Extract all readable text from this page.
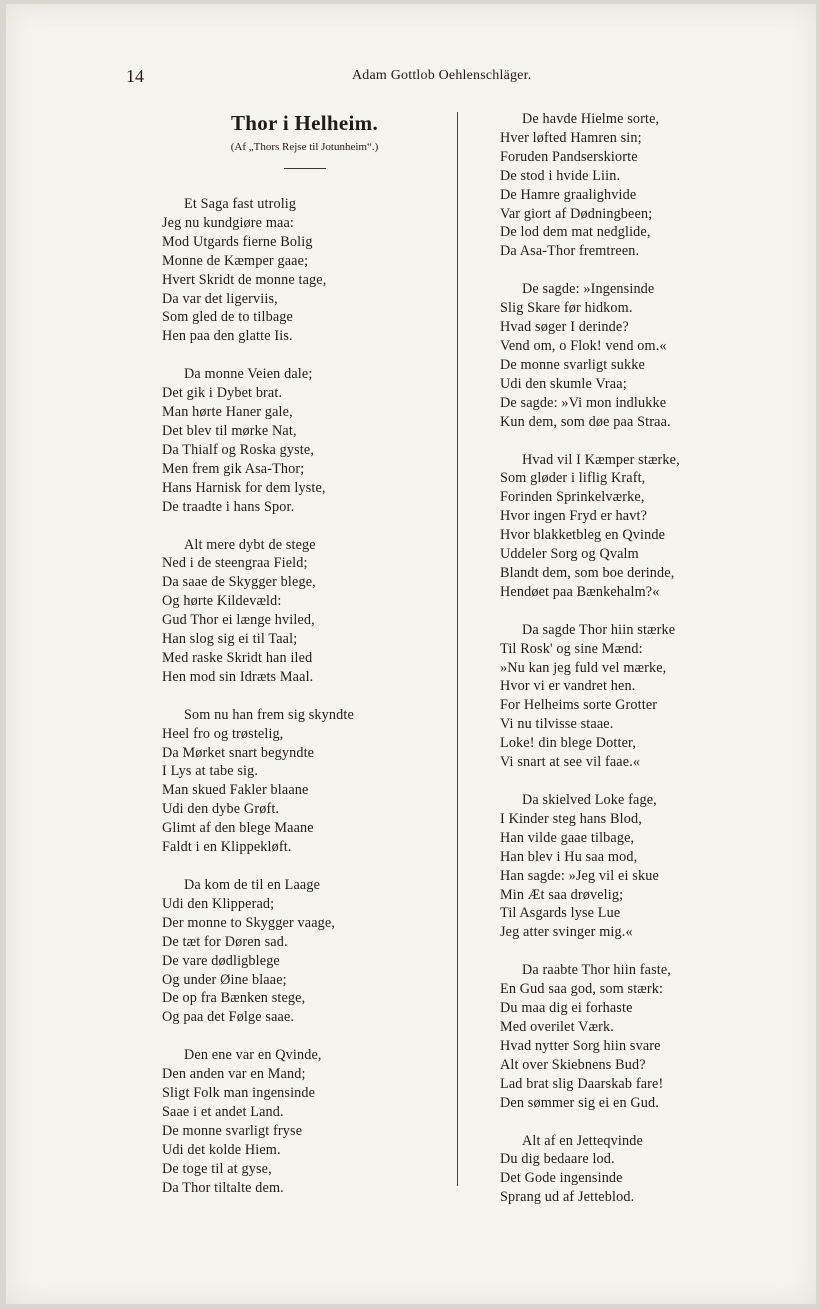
14	Adam Gottlob Oehlenschläger.
Thor i Helheim.

(Af „Thors Rejse til Jotunheim“.)

Et Saga fast utrolig
Jeg nu kundgiøre maa:
Mod Utgards fierne Bolig
Monne de Kæmper gaae;
Hvert Skridt de monne tage,
Da var det ligerviis,
Som gled de to tilbage
Hen paa den glatte Iis.
Da monne Veien dale;
Det gik i Dybet brat.
Man hørte Haner gale,
Det blev til mørke Nat,
Da Thialf og Roska gyste,
Men frem gik Asa-Thor;
Hans Harnisk for dem lyste,
De traadte i hans Spor.
Alt mere dybt de stege
Ned i de steengraa Field;
Da saae de Skygger blege,
Og hørte Kildevæld:
Gud Thor ei længe hviled,
Han slog sig ei til Taal;
Med raske Skridt han iled
Hen mod sin Idræts Maal.
Som nu han frem sig skyndte
Heel fro og trøstelig,
Da Mørket snart begyndte
I Lys at tabe sig.
Man skued Fakler blaane
Udi den dybe Grøft.
Glimt af den blege Maane
Faldt i en Klippekløft.
Da kom de til en Laage
Udi den Klipperad;
Der monne to Skygger vaage,
De tæt for Døren sad.
De vare dødligblege
Og under Øine blaae;
De op fra Bænken stege,
Og paa det Følge saae.
Den ene var en Qvinde,
Den anden var en Mand;
Sligt Folk man ingensinde
Saae i et andet Land.
De monne svarligt fryse
Udi det kolde Hiem.
De toge til at gyse,
Da Thor tiltalte dem.
De havde Hielme sorte,
Hver løfted Hamren sin;
Foruden Pandserskiorte
De stod i hvide Liin.
De Hamre graalighvide
Var giort af Dødningbeen;
De lod dem mat nedglide,
Da Asa-Thor fremtreen.
De sagde: »Ingensinde
Slig Skare før hidkom.
Hvad søger I derinde?
Vend om, o Flok! vend om.«
De monne svarligt sukke
Udi den skumle Vraa;
De sagde: »Vi mon indlukke
Kun dem, som døe paa Straa.
Hvad vil I Kæmper stærke,
Som gløder i liflig Kraft,
Forinden Sprinkelværke,
Hvor ingen Fryd er havt?
Hvor blakketbleg en Qvinde
Uddeler Sorg og Qvalm
Blandt dem, som boe derinde,
Hendøet paa Bænkehalm?«
Da sagde Thor hiin stærke
Til Rosk' og sine Mænd:
»Nu kan jeg fuld vel mærke,
Hvor vi er vandret hen.
For Helheims sorte Grotter
Vi nu tilvisse staae.
Loke! din blege Dotter,
Vi snart at see vil faae.«
Da skielved Loke fage,
I Kinder steg hans Blod,
Han vilde gaae tilbage,
Han blev i Hu saa mod,
Han sagde: »Jeg vil ei skue
Min Æt saa drøvelig;
Til Asgards lyse Lue
Jeg atter svinger mig.«
Da raabte Thor hiin faste,
En Gud saa god, som stærk:
Du maa dig ei forhaste
Med overilet Værk.
Hvad nytter Sorg hiin svare
Alt over Skiebnens Bud?
Lad brat slig Daarskab fare!
Den sømmer sig ei en Gud.
Alt af en Jetteqvinde
Du dig bedaare lod.
Det Gode ingensinde
Sprang ud af Jetteblod.
